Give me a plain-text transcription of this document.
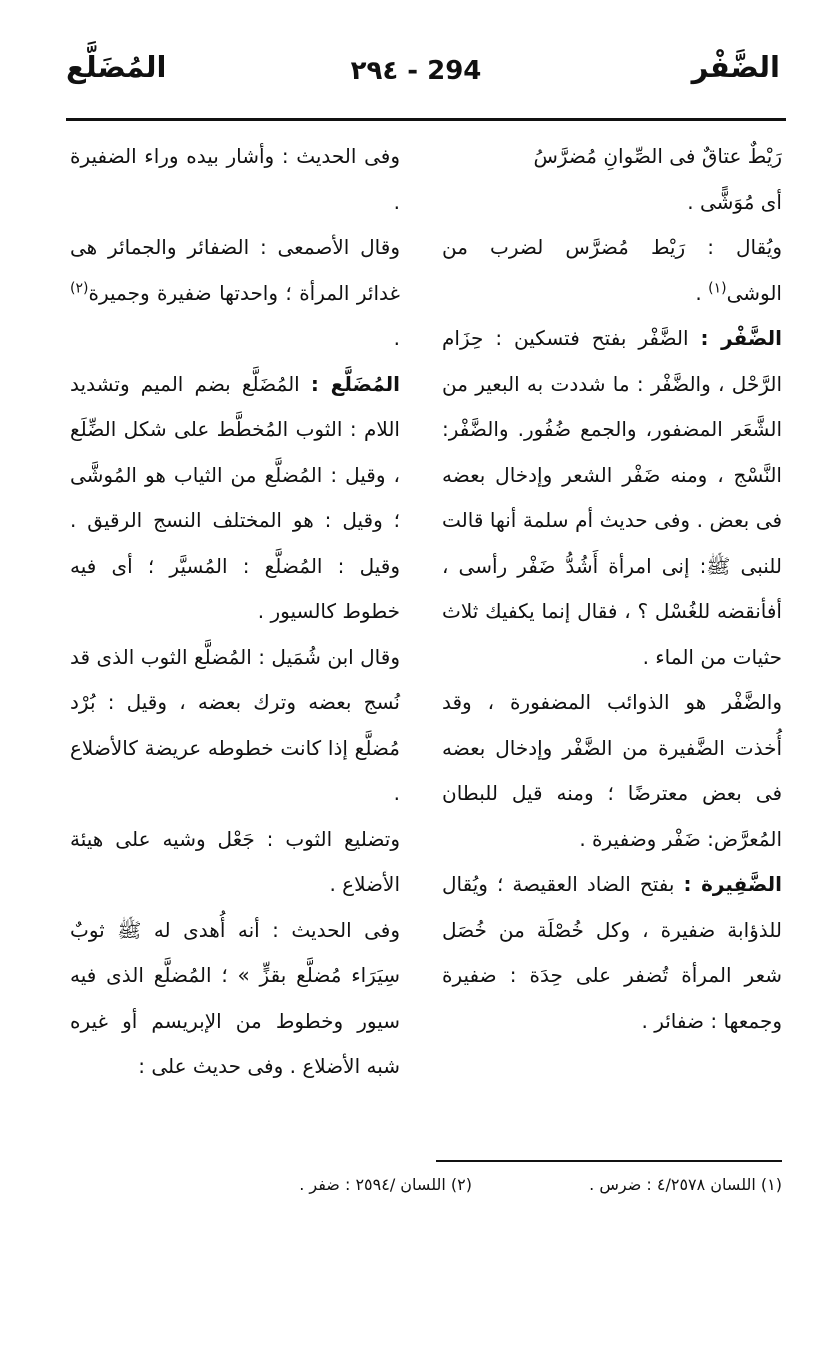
الضَّفْر
٢٩٤ - 294
المُضَلَّع

رَيْطٌ عتاقٌ فى الصِّوانِ مُضرَّسُ

أى مُوَشًّى .

ويُقال : رَيْط مُضرَّس لضرب من الوشى$^{(١)}$ .

الضَّفْر : الضَّفْر بفتح فتسكين : حِزَام الرَّحْل ، والضَّفْر : ما شددت به البعير من الشَّعَر المضفور، والجمع ضُفُور. والضَّفْر: النَّسْج ، ومنه ضَفْر الشعر وإدخال بعضه فى بعض . وفى حديث أم سلمة أنها قالت للنبى ﷺ: إنى امرأة أَشُدُّ ضَفْر رأسى ، أفأنقضه للغُسْل ؟ ، فقال إنما يكفيك ثلاث حثيات من الماء .

والضَّفْر هو الذوائب المضفورة ، وقد أُخذت الضَّفيرة من الضَّفْر وإدخال بعضه فى بعض معترضًا ؛ ومنه قيل للبطان المُعرَّض: ضَفْر وضفيرة .

الضَّفِيرة : بفتح الضاد العقيصة ؛ ويُقال للذؤابة ضفيرة ، وكل خُصْلَة من خُصَل شعر المرأة تُضفر على حِدَة : ضفيرة وجمعها : ضفائر .

وفى الحديث : وأشار بيده وراء الضفيرة .

وقال الأصمعى : الضفائر والجمائر هى غدائر المرأة ؛ واحدتها ضفيرة وجميرة$^{(٢)}$ .

المُضَلَّع : المُضَلَّع بضم الميم وتشديد اللام : الثوب المُخطَّط على شكل الضِّلَع ، وقيل : المُضلَّع من الثياب هو المُوشَّى ؛ وقيل : هو المختلف النسج الرقيق . وقيل : المُضلَّع : المُسيَّر ؛ أى فيه خطوط كالسيور .

وقال ابن شُمَيل : المُضلَّع الثوب الذى قد نُسج بعضه وترك بعضه ، وقيل : بُرْد مُضلَّع إذا كانت خطوطه عريضة كالأضلاع .

وتضليع الثوب : جَعْل وشيه على هيئة الأضلاع .

وفى الحديث : أنه أُهدى له ﷺ ثوبٌ سِيَرَاء مُضلَّع بقزٍّ » ؛ المُضلَّع الذى فيه سيور وخطوط من الإبريسم أو غيره شبه الأضلاع . وفى حديث على :

(١) اللسان ٤/٢٥٧٨ : ضرس .
(٢) اللسان /٢٥٩٤ : ضفر .
